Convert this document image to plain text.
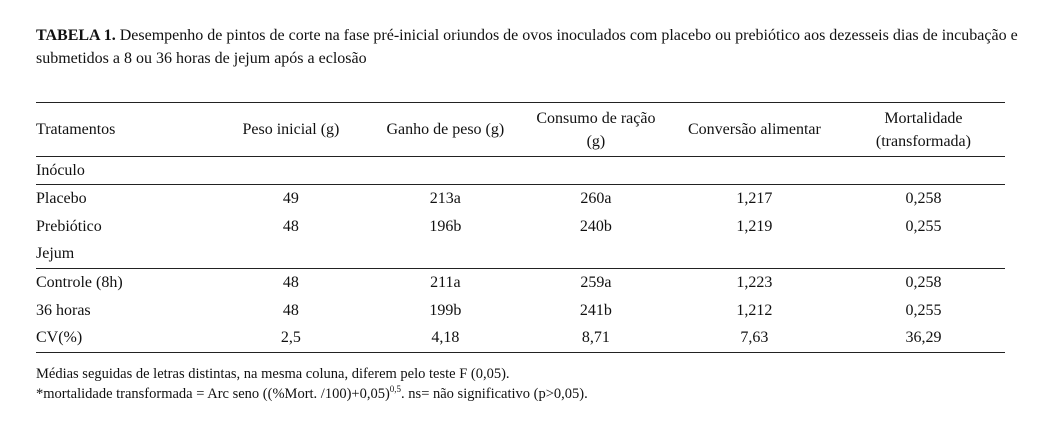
TABELA 1. Desempenho de pintos de corte na fase pré-inicial oriundos de ovos inoculados com placebo ou prebiótico aos dezesseis dias de incubação e submetidos a 8 ou 36 horas de jejum após a eclosão
Tratamentos	Peso inicial (g)	Ganho de peso (g)	Consumo de ração (g)	Conversão alimentar	Mortalidade (transformada)
Inóculo					
Placebo	49	213a	260a	1,217	0,258
Prebiótico	48	196b	240b	1,219	0,255
Jejum					
Controle (8h)	48	211a	259a	1,223	0,258
36 horas	48	199b	241b	1,212	0,255
CV(%)	2,5	4,18	8,71	7,63	36,29
Médias seguidas de letras distintas, na mesma coluna, diferem pelo teste F (0,05).
*mortalidade transformada = Arc seno ((%Mort. /100)+0,05)$^{0,5}$. ns= não significativo (p>0,05).
